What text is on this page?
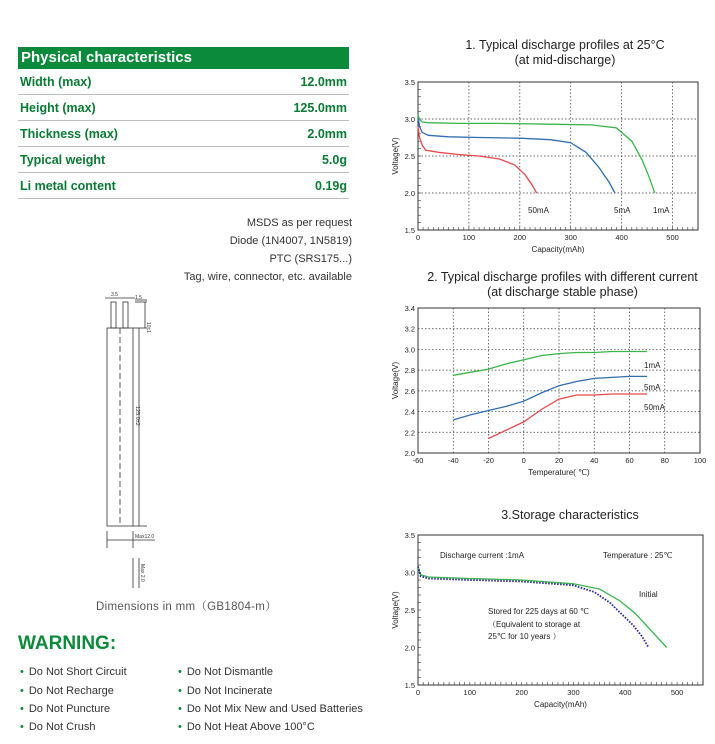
Physical characteristics
Width (max)	12.0mm
Height (max)	125.0mm
Thickness (max)	2.0mm
Typical weight	5.0g
Li metal content	0.19g
MSDS as per request
Diode (1N4007, 1N5819)
PTC (SRS175...)
Tag, wire, connector, etc. available
3.5	1.5
10±1
125.0±2
Max12.0
Max 2.0
Dimensions in mm（GB1804-m）
WARNING:
• Do Not Short Circuit
• Do Not Recharge
• Do Not Puncture
• Do Not Crush
• Do Not Dismantle
• Do Not Incinerate
• Do Not Mix New and Used Batteries
• Do Not Heat Above 100°C
1. Typical discharge profiles at 25°C
(at mid-discharge)
2. Typical discharge profiles with different current
(at discharge stable phase)
3.Storage characteristics
0	100	200	300	400	500
1.5
2.0
2.5
3.0
3.5
Capacity(mAh)
Voltage(V)
50mA	5mA	1mA
-60	-40	-20	0	20	40	60	80	100
2.0
2.2
2.4
2.6
2.8
3.0
3.2
3.4
Temperature( ℃)
Voltage(V)	1mA
5mA
50mA
0	100	200	300	400	500
1.5
2.0
2.5
3.0
3.5
Capacity(mAh)
Voltage(V)
Discharge current :1mA	Temperature : 25℃
Initial
Stored for 225 days at 60 ℃
（Equivalent to storage at
25℃ for 10 years ）
